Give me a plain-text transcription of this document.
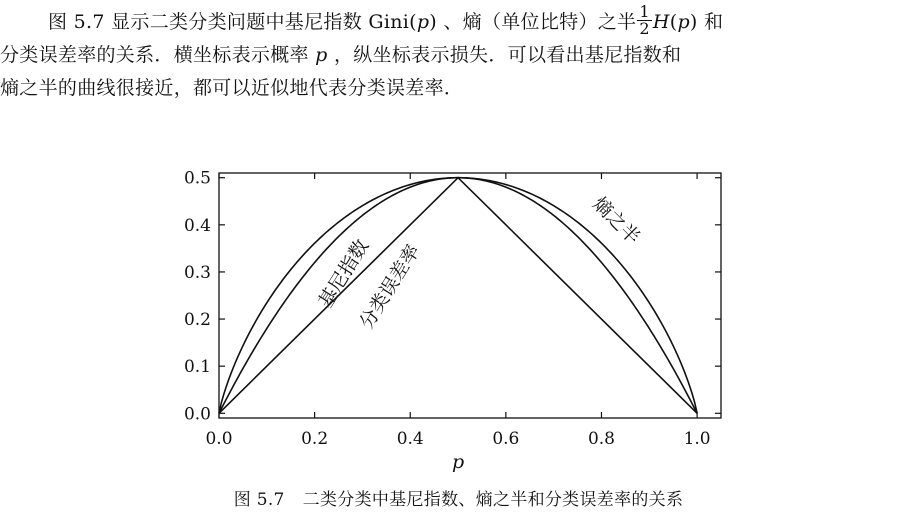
图 5.7 显示二类分类问题中基尼指数 Gini(p) 、熵（单位比特）之半 $\frac{1}{2} H(p)$ 和
分类误差率的关系．横坐标表示概率 p ，纵坐标表示损失．可以看出基尼指数和
熵之半的曲线很接近，都可以近似地代表分类误差率．
0.0	0.2	0.4	0.6	0.8	1.0
0.0
0.1
0.2
0.3
0.4
0.5
p
基尼指数
分类误差率
熵之半
图 5.7 二类分类中基尼指数、熵之半和分类误差率的关系
